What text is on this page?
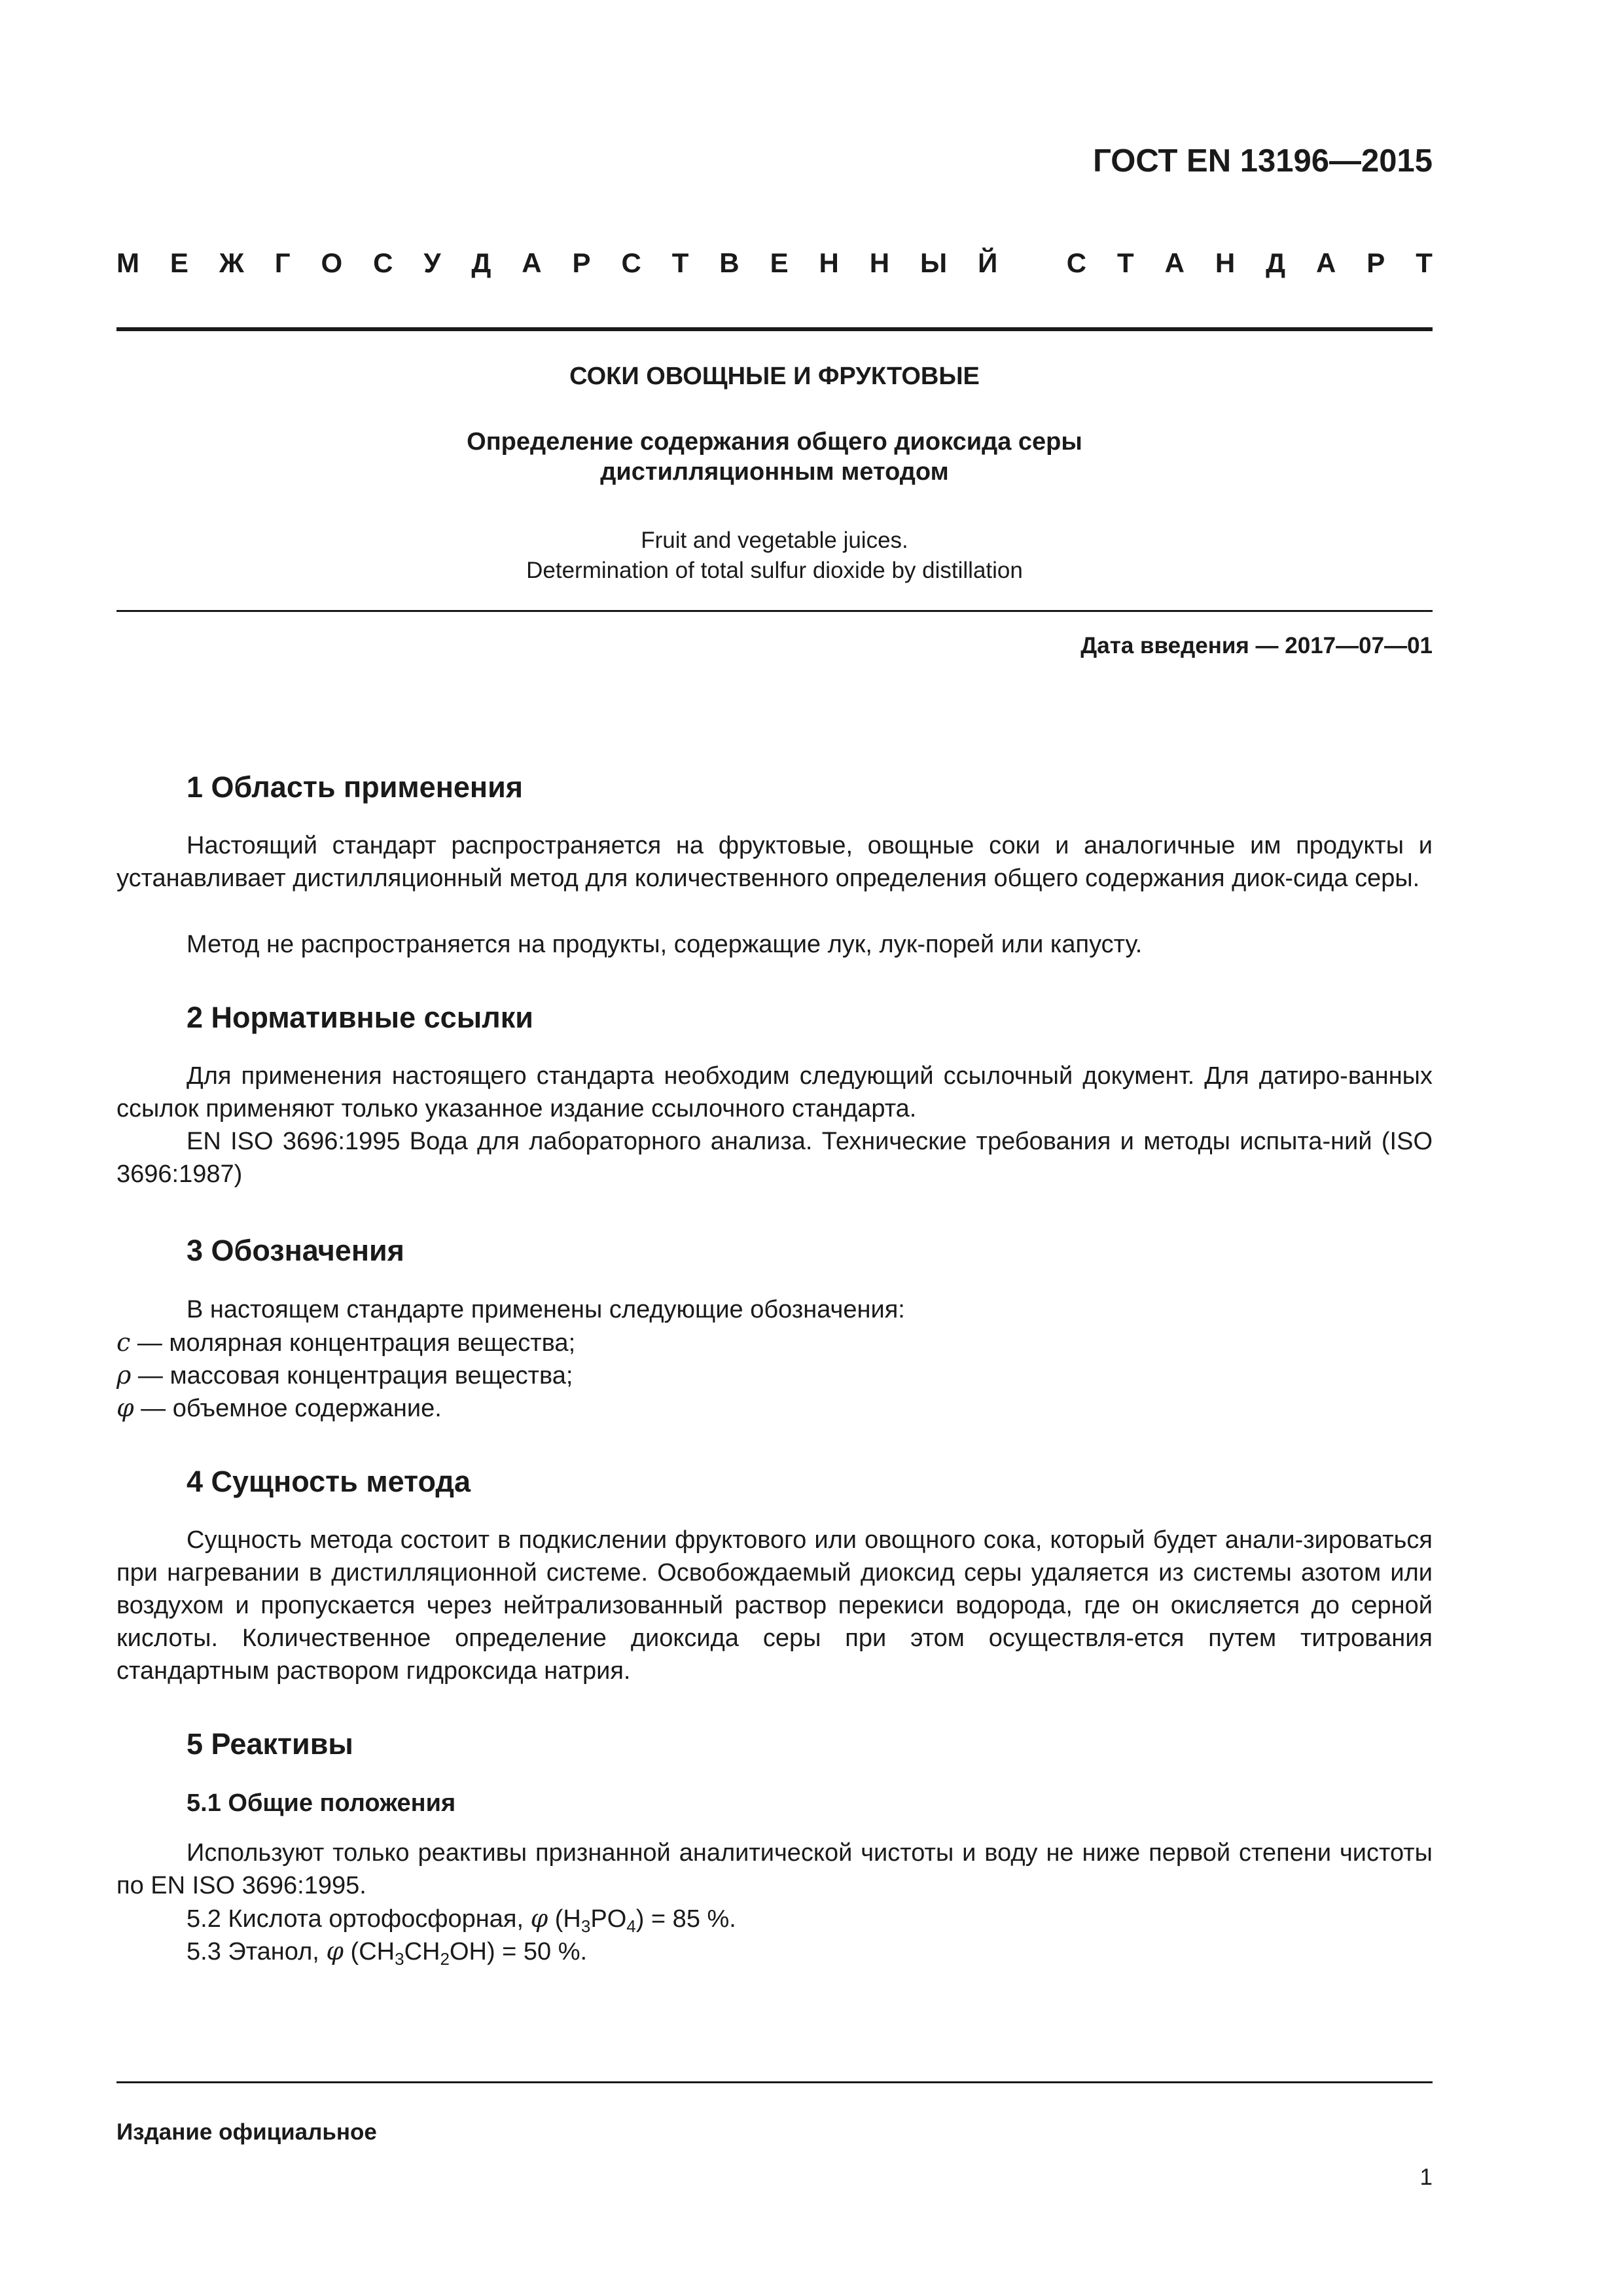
ГОСТ EN 13196—2015
М Е Ж Г О С У Д А Р С Т В Е Н Н Ы Й
	С Т А Н Д А Р Т
СОКИ ОВОЩНЫЕ И ФРУКТОВЫЕ
Определение содержания общего диоксида серы
дистилляционным методом
Fruit and vegetable juices.
Determination of total sulfur dioxide by distillation
Дата введения — 2017—07—01
1 Область применения
Настоящий стандарт распространяется на фруктовые, овощные соки и аналогичные им продукты и устанавливает дистилляционный метод для количественного определения общего содержания диок-сида серы.
Метод не распространяется на продукты, содержащие лук, лук-порей или капусту.
2 Нормативные ссылки
Для применения настоящего стандарта необходим следующий ссылочный документ. Для датиро-ванных ссылок применяют только указанное издание ссылочного стандарта.
EN ISO 3696:1995 Вода для лабораторного анализа. Технические требования и методы испыта-ний (ISO 3696:1987)
3 Обозначения
В настоящем стандарте применены следующие обозначения:
c — молярная концентрация вещества;
ρ — массовая концентрация вещества;
φ — объемное содержание.
4 Сущность метода
Сущность метода состоит в подкислении фруктового или овощного сока, который будет анали-зироваться при нагревании в дистилляционной системе. Освобождаемый диоксид серы удаляется из системы азотом или воздухом и пропускается через нейтрализованный раствор перекиси водорода, где он окисляется до серной кислоты. Количественное определение диоксида серы при этом осуществля-ется путем титрования стандартным раствором гидроксида натрия.
5 Реактивы
5.1 Общие положения
Используют только реактивы признанной аналитической чистоты и воду не ниже первой степени чистоты по EN ISO 3696:1995.
5.2 Кислота ортофосфорная, φ $(H_3PO_4) = 85$ %.
5.3 Этанол, φ $(CH_3CH_2OH) = 50$ %.
Издание официальное
1
